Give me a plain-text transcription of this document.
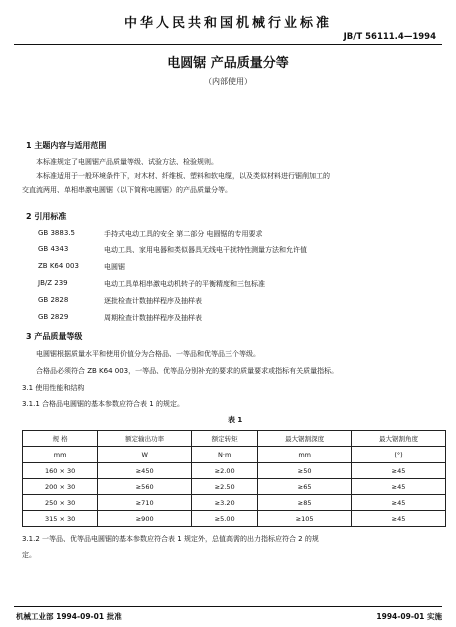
中华人民共和国机械行业标准
JB/T 56111.4—1994
电圆锯 产品质量分等
（内部使用）
1 主题内容与适用范围
本标准规定了电圆锯产品质量等级、试验方法、检验规则。
本标准适用于一般环境条件下，对木材、纤维板、塑料和软电缆，以及类似材料进行锯削加工的
交直流两用、单相串激电圆锯（以下简称电圆锯）的产品质量分等。
2 引用标准
GB 3883.5	手持式电动工具的安全 第二部分 电圆锯的专用要求
GB 4343	电动工具、家用电器和类似器具无线电干扰特性测量方法和允许值
ZB K64 003	电圆锯
JB/Z 239	电动工具单相串激电动机转子的平衡精度和三包标准
GB 2828	逐批检查计数抽样程序及抽样表
GB 2829	周期检查计数抽样程序及抽样表
3 产品质量等级
电圆锯根据质量水平和使用价值分为合格品、一等品和优等品三个等级。
合格品必须符合 ZB K64 003，一等品、优等品分别补充的要求的质量要求或指标有关质量指标。
3.1 使用性能和结构
3.1.1 合格品电圆锯的基本参数应符合表 1 的规定。
表 1
规 格	额定输出功率	额定转矩	最大锯割深度	最大锯割角度
mm	W	N·m	mm	(°)
160 × 30	≥450	≥2.00	≥50	≥45
200 × 30	≥560	≥2.50	≥65	≥45
250 × 30	≥710	≥3.20	≥85	≥45
315 × 30	≥900	≥5.00	≥105	≥45
3.1.2 一等品、优等品电圆锯的基本参数应符合表 1 规定外，总值高需的出力指标应符合 2 的规
定。
机械工业部 1994-09-01 批准	1994-09-01 实施
